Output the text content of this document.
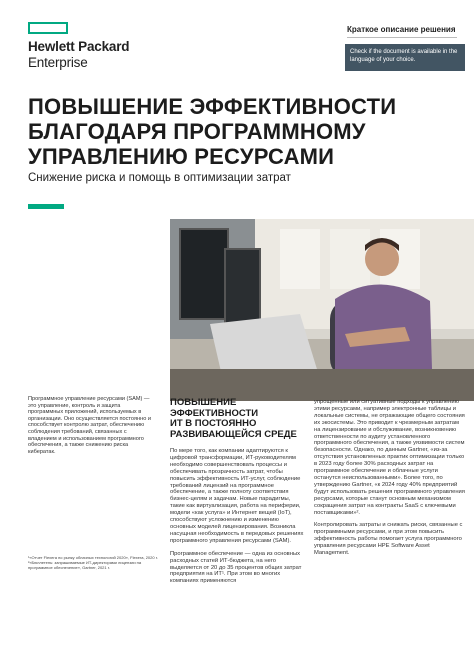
Hewlett Packard
Enterprise
Краткое описание решения
Check if the document is available in the language of your choice.
ПОВЫШЕНИЕ ЭФФЕКТИВНОСТИ
БЛАГОДАРЯ ПРОГРАММНОМУ
УПРАВЛЕНИЮ РЕСУРСАМИ
Снижение риска и помощь в оптимизации затрат
Программное управление ресурсами (SAM) — это управление, контроль и защита программных приложений, используемых в организации. Оно осуществляется постоянно и способствует контролю затрат, обеспечению соблюдения требований, связанных с владением и использованием программного обеспечения, а также снижению риска кибератак.
¹«Отчет Flexera по рынку облачных технологий 2020», Flexera, 2020 г.
²«Бюллетень: запрашиваемые ИТ-директорами лицензии на программное обеспечение», Gartner, 2021 г.
ПОВЫШЕНИЕ
ЭФФЕКТИВНОСТИ
ИТ В ПОСТОЯННО
РАЗВИВАЮЩЕЙСЯ СРЕДЕ

По мере того, как компании адаптируются к цифровой трансформации, ИТ-руководителям необходимо совершенствовать процессы и обеспечивать прозрачность затрат, чтобы повысить эффективность ИТ-услуг, соблюдение требований лицензий на программное обеспечение, а также полноту соответствия бизнес-целям и задачам. Новые парадигмы, такие как виртуализация, работа на периферии, модели «как услуга» и Интернет вещей (IoT), способствуют усложнению и изменению основных моделей лицензирования. Возникла насущная необходимость в передовых решениях программного управления ресурсами (SAM).

Программное обеспечение — одна из основных расходных статей ИТ-бюджета, на него выделяется от 20 до 35 процентов общих затрат предприятия на ИТ¹. При этом во многих компаниях применяются

упрощенные или ситуативные подходы к управлению этими ресурсами, например электронные таблицы и локальные системы, не отражающие общего состояния их экосистемы. Это приводит к чрезмерным затратам на лицензирование и обслуживание, возникновению ответственности по аудиту установленного программного обеспечения, а также уязвимости систем безопасности. Однако, по данным Gartner, «из-за отсутствия установленных практик оптимизации только в 2023 году более 30% расходных затрат на программное обеспечение и облачные услуги останутся неиспользованными». Более того, по утверждению Gartner, «к 2024 году 40% предприятий будут использовать решения программного управления ресурсами, которые станут основным механизмом сокращения затрат на контракты SaaS с ключевыми поставщиками»².

Контролировать затраты и снижать риски, связанные с программными ресурсами, и при этом повысить эффективность работы помогает услуга программного управления ресурсами HPE Software Asset Management.
